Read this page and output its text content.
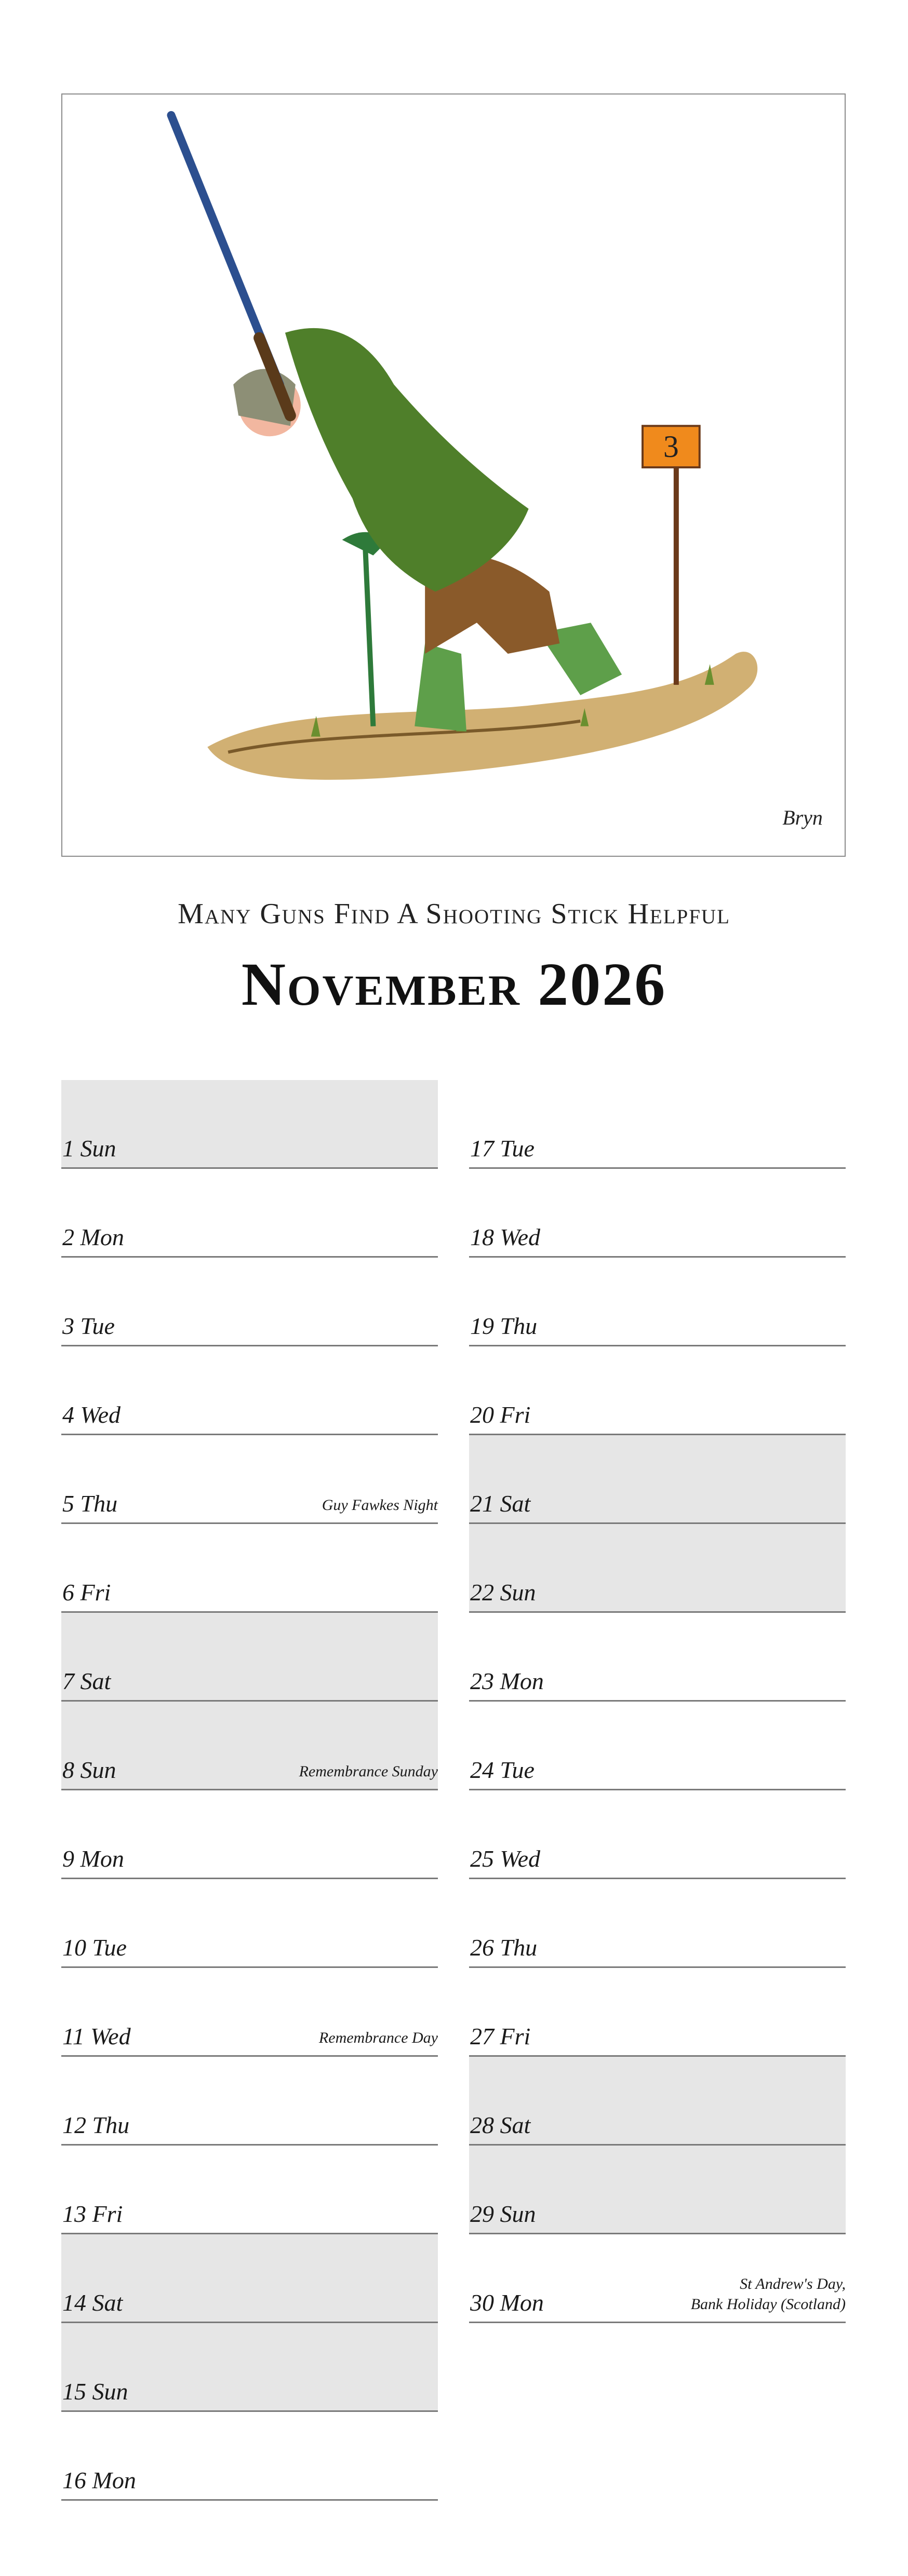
3
Bryn
Many Guns Find A Shooting Stick Helpful
November 2026
1 Sun
2 Mon
3 Tue
4 Wed
5 Thu	Guy Fawkes Night
6 Fri
7 Sat
8 Sun	Remembrance Sunday
9 Mon
10 Tue
11 Wed	Remembrance Day
12 Thu
13 Fri
14 Sat
15 Sun
16 Mon
17 Tue
18 Wed
19 Thu
20 Fri
21 Sat
22 Sun
23 Mon
24 Tue
25 Wed
26 Thu
27 Fri
28 Sat
29 Sun
30 Mon
St Andrew's Day,
Bank Holiday (Scotland)
